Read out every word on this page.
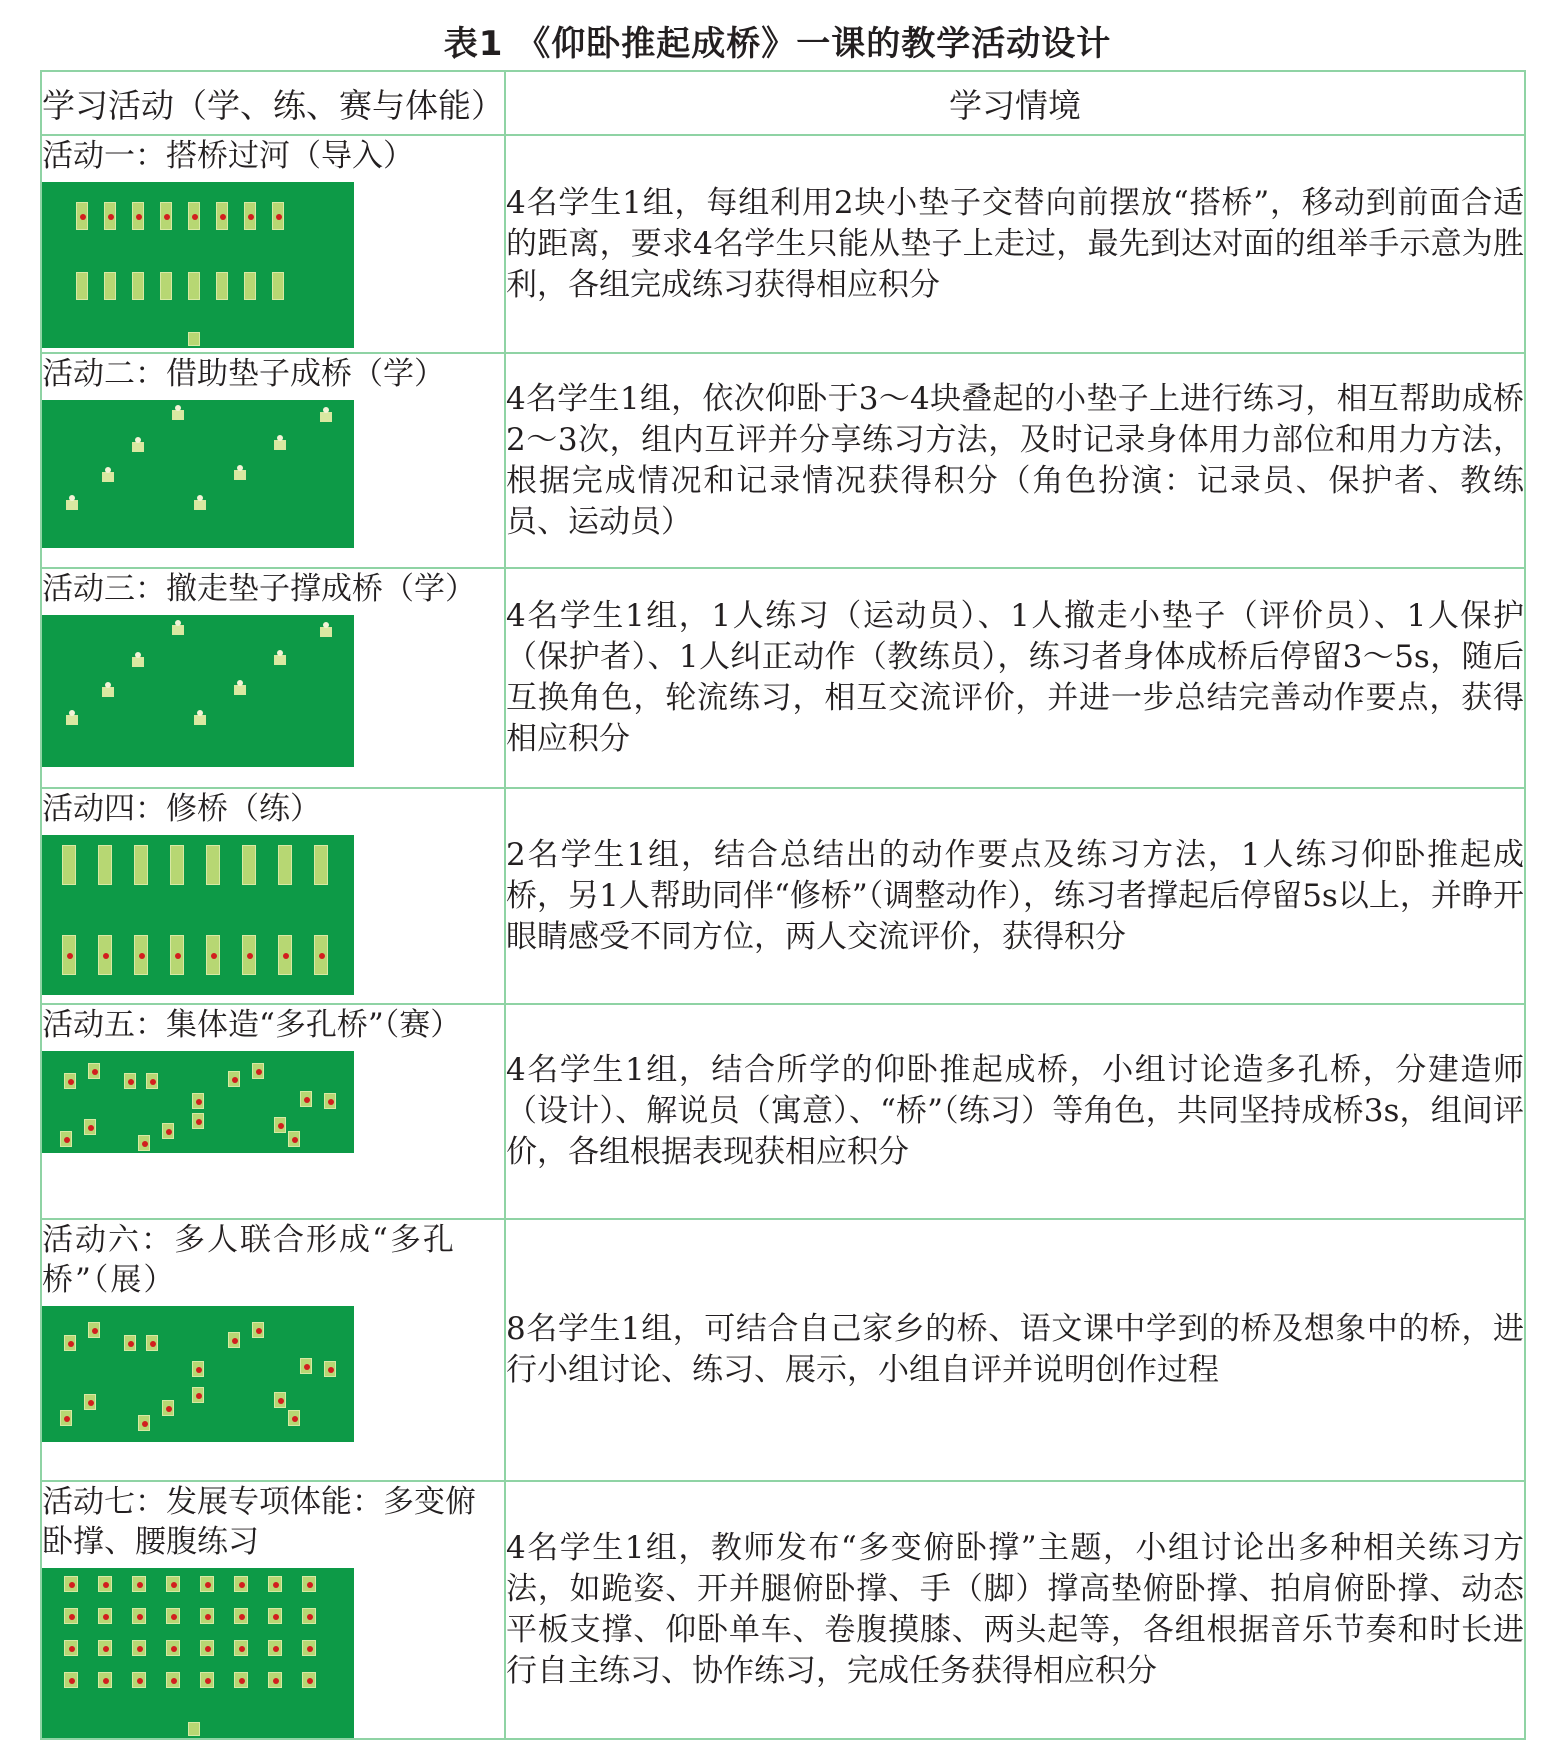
表1 《仰卧推起成桥》一课的教学活动设计
学习活动（学、练、赛与体能）	学习情境

活动一：搭桥过河（导入）	4名学生1组，每组利用2块小垫子交替向前摆放“搭桥”，移动到前面合适的距离，要求4名学生只能从垫子上走过，最先到达对面的组举手示意为胜利，各组完成练习获得相应积分

活动二：借助垫子成桥（学）	4名学生1组，依次仰卧于3～4块叠起的小垫子上进行练习，相互帮助成桥2～3次，组内互评并分享练习方法，及时记录身体用力部位和用力方法，根据完成情况和记录情况获得积分（角色扮演：记录员、保护者、教练员、运动员）

活动三：撤走垫子撑成桥（学）	4名学生1组，1人练习（运动员）、1人撤走小垫子（评价员）、1人保护（保护者）、1人纠正动作（教练员），练习者身体成桥后停留3～5s，随后互换角色，轮流练习，相互交流评价，并进一步总结完善动作要点，获得相应积分

活动四：修桥（练）	2名学生1组，结合总结出的动作要点及练习方法，1人练习仰卧推起成桥，另1人帮助同伴“修桥”（调整动作），练习者撑起后停留5s以上，并睁开眼睛感受不同方位，两人交流评价，获得积分

活动五：集体造“多孔桥”（赛）	4名学生1组，结合所学的仰卧推起成桥，小组讨论造多孔桥，分建造师（设计）、解说员（寓意）、“桥”（练习）等角色，共同坚持成桥3s，组间评价，各组根据表现获相应积分

活动六：多人联合形成“多孔桥”（展）	8名学生1组，可结合自己家乡的桥、语文课中学到的桥及想象中的桥，进行小组讨论、练习、展示，小组自评并说明创作过程

活动七：发展专项体能：多变俯卧撑、腰腹练习	4名学生1组，教师发布“多变俯卧撑”主题，小组讨论出多种相关练习方法，如跪姿、开并腿俯卧撑、手（脚）撑高垫俯卧撑、拍肩俯卧撑、动态平板支撑、仰卧单车、卷腹摸膝、两头起等，各组根据音乐节奏和时长进行自主练习、协作练习，完成任务获得相应积分
